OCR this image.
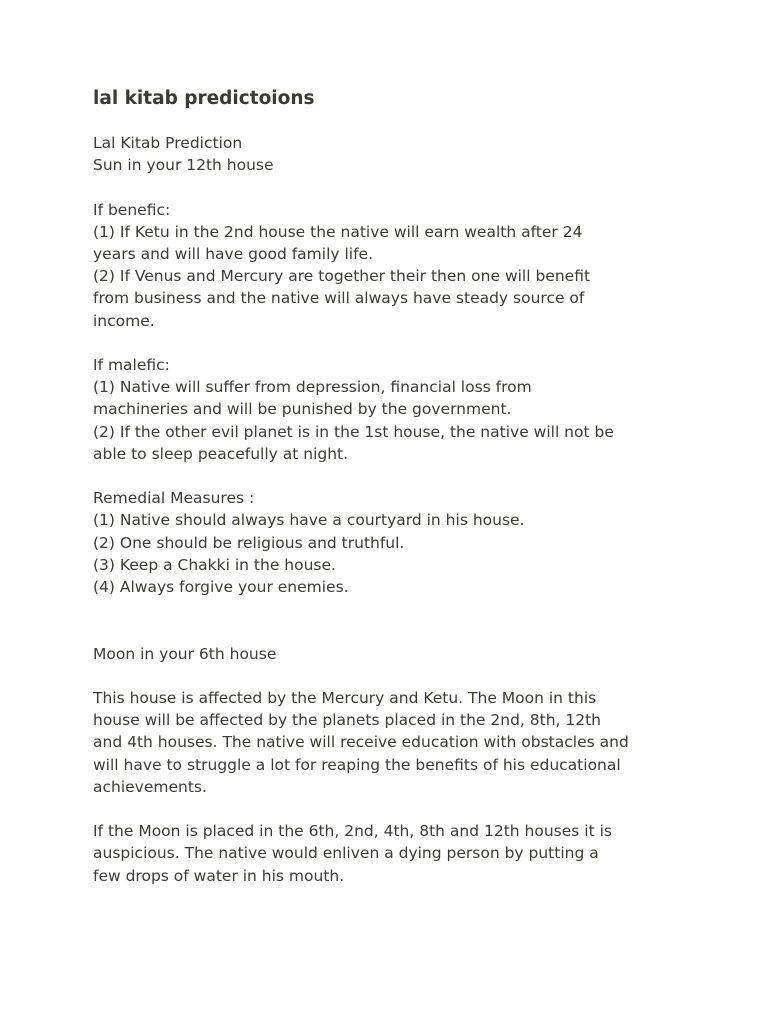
lal kitab predictoions
Lal Kitab Prediction
Sun in your 12th house
If benefic:
(1) If Ketu in the 2nd house the native will earn wealth after 24
years and will have good family life.
(2) If Venus and Mercury are together their then one will benefit
from business and the native will always have steady source of
income.
If malefic:
(1) Native will suffer from depression, financial loss from
machineries and will be punished by the government.
(2) If the other evil planet is in the 1st house, the native will not be
able to sleep peacefully at night.
Remedial Measures :
(1) Native should always have a courtyard in his house.
(2) One should be religious and truthful.
(3) Keep a Chakki in the house.
(4) Always forgive your enemies.
Moon in your 6th house
This house is affected by the Mercury and Ketu. The Moon in this
house will be affected by the planets placed in the 2nd, 8th, 12th
and 4th houses. The native will receive education with obstacles and
will have to struggle a lot for reaping the benefits of his educational
achievements.
If the Moon is placed in the 6th, 2nd, 4th, 8th and 12th houses it is
auspicious. The native would enliven a dying person by putting a
few drops of water in his mouth.
